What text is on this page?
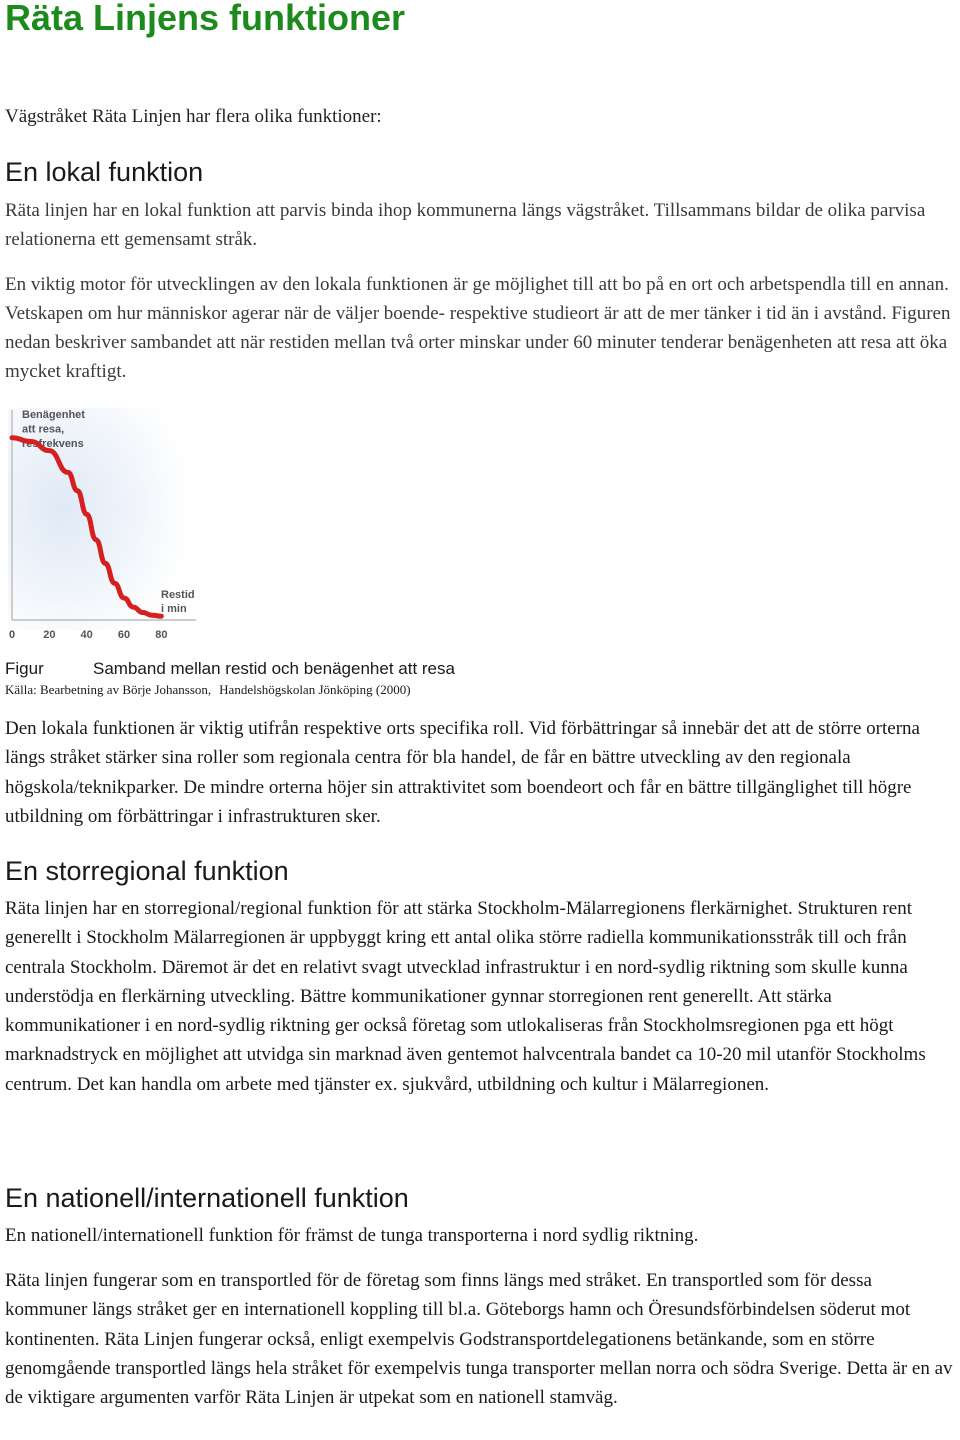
Räta Linjens funktioner

Vägstråket Räta Linjen har flera olika funktioner:

En lokal funktion

Räta linjen har en lokal funktion att parvis binda ihop kommunerna längs vägstråket. Tillsammans bildar de olika parvisa relationerna ett gemensamt stråk.

En viktig motor för utvecklingen av den lokala funktionen är ge möjlighet till att bo på en ort och arbetspendla till en annan. Vetskapen om hur människor agerar när de väljer boende- respektive studieort är att de mer tänker i tid än i avstånd. Figuren nedan beskriver sambandet att när restiden mellan två orter minskar under 60 minuter tenderar benägenheten att resa att öka mycket kraftigt.

Benägenhet
att resa,
resfrekvens
Restid
i min
0	20 40 60 80

Figur	Samband mellan restid och benägenhet att resa

Källa: Bearbetning av Börje Johansson, Handelshögskolan Jönköping (2000)

Den lokala funktionen är viktig utifrån respektive orts specifika roll. Vid förbättringar så innebär det att de större orterna längs stråket stärker sina roller som regionala centra för bla handel, de får en bättre utveckling av den regionala högskola/teknikparker. De mindre orterna höjer sin attraktivitet som boendeort och får en bättre tillgänglighet till högre utbildning om förbättringar i infrastrukturen sker.

En storregional funktion

Räta linjen har en storregional/regional funktion för att stärka Stockholm-Mälarregionens flerkärnighet. Strukturen rent generellt i Stockholm Mälarregionen är uppbyggt kring ett antal olika större radiella kommunikationsstråk till och från centrala Stockholm. Däremot är det en relativt svagt utvecklad infrastruktur i en nord-sydlig riktning som skulle kunna understödja en flerkärning utveckling. Bättre kommunikationer gynnar storregionen rent generellt. Att stärka kommunikationer i en nord-sydlig riktning ger också företag som utlokaliseras från Stockholmsregionen pga ett högt marknadstryck en möjlighet att utvidga sin marknad även gentemot halvcentrala bandet ca 10-20 mil utanför Stockholms centrum. Det kan handla om arbete med tjänster ex. sjukvård, utbildning och kultur i Mälarregionen.

En nationell/internationell funktion

En nationell/internationell funktion för främst de tunga transporterna i nord sydlig riktning.

Räta linjen fungerar som en transportled för de företag som finns längs med stråket. En transportled som för dessa kommuner längs stråket ger en internationell koppling till bl.a. Göteborgs hamn och Öresundsförbindelsen söderut mot kontinenten. Räta Linjen fungerar också, enligt exempelvis Godstransportdelegationens betänkande, som en större genomgående transportled längs hela stråket för exempelvis tunga transporter mellan norra och södra Sverige. Detta är en av de viktigare argumenten varför Räta Linjen är utpekat som en nationell stamväg.
